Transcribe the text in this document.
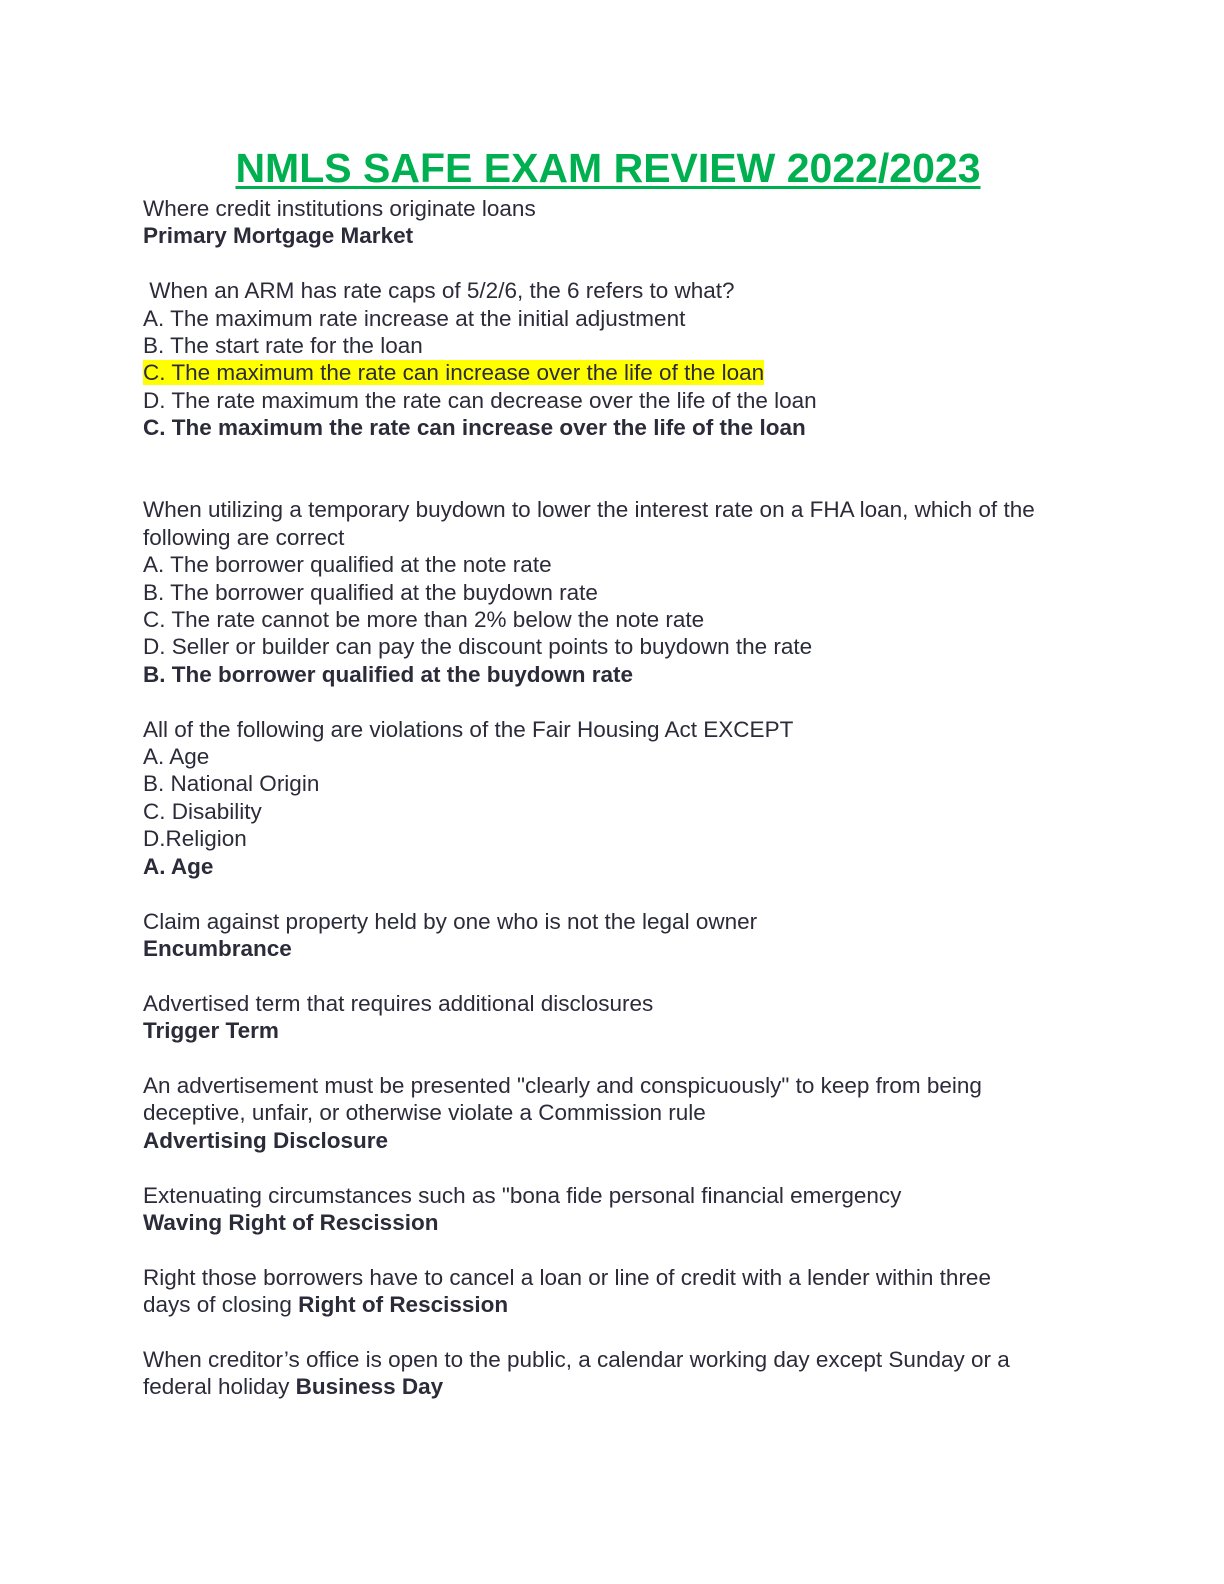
NMLS SAFE EXAM REVIEW 2022/2023
Where credit institutions originate loans
Primary Mortgage Market
When an ARM has rate caps of 5/2/6, the 6 refers to what?
A. The maximum rate increase at the initial adjustment
B. The start rate for the loan
C. The maximum the rate can increase over the life of the loan
D. The rate maximum the rate can decrease over the life of the loan
C. The maximum the rate can increase over the life of the loan
When utilizing a temporary buydown to lower the interest rate on a FHA loan, which of the following are correct
A. The borrower qualified at the note rate
B. The borrower qualified at the buydown rate
C. The rate cannot be more than 2% below the note rate
D. Seller or builder can pay the discount points to buydown the rate
B. The borrower qualified at the buydown rate
All of the following are violations of the Fair Housing Act EXCEPT
A. Age
B. National Origin
C. Disability
D.Religion
A. Age
Claim against property held by one who is not the legal owner
Encumbrance
Advertised term that requires additional disclosures
Trigger Term
An advertisement must be presented "clearly and conspicuously" to keep from being deceptive, unfair, or otherwise violate a Commission rule
Advertising Disclosure
Extenuating circumstances such as "bona fide personal financial emergency
Waving Right of Rescission
Right those borrowers have to cancel a loan or line of credit with a lender within three
days of closing Right of Rescission
When creditor’s office is open to the public, a calendar working day except Sunday or a
federal holiday Business Day
